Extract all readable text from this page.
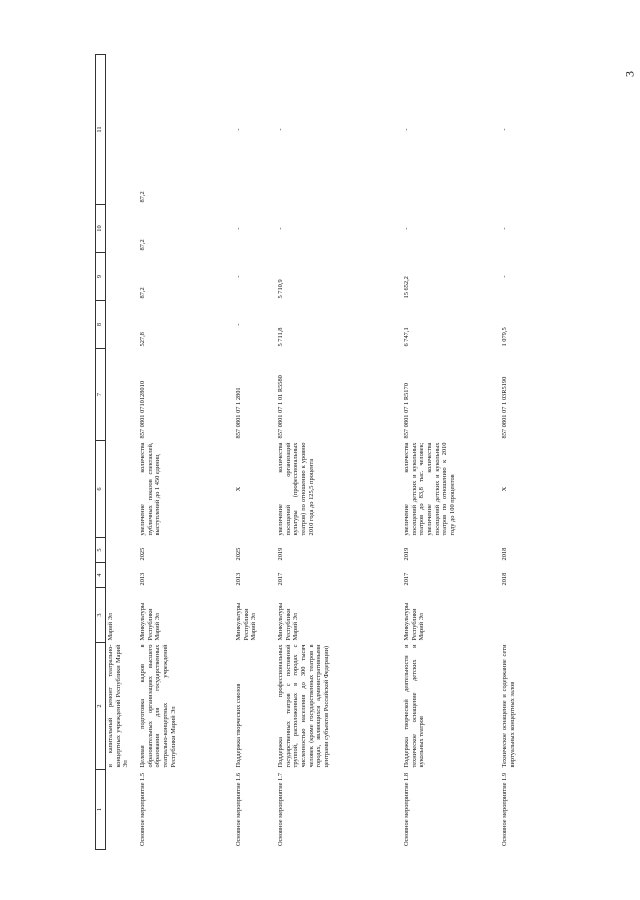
3
1	2	3	4	5	6	7	8	9	10	11
	и капитальный ремонт театрально-концертных учреждений Республики Марий Эл	Марий Эл								
Основное мероприятие 1.5	Целевая подготовка кадров в образовательных организациях высшего образования для государственных театрально-концертных учреждений Республики Марий Эл	Минкультуры Республики Марий Эл	2013	2025	увеличение количества публичных показов спектаклей, выступлений до 1 450 единиц	857 0801 0710128010	527,8	87,2	87,2	87,2
Основное мероприятие 1.6	Поддержка творческих союзов	Минкультуры Республики Марий Эл	2013	2025	X	857 0801 07 1 2801	-	-	-	-
Основное мероприятие 1.7	Поддержка профессиональных государственных театров с постоянной труппой, расположенных в городах с численностью населения до 300 тысяч человек (кроме государственных театров в городах, являющихся административными центрами субъектов Российской Федерации)	Минкультуры Республики Марий Эл	2017	2019	увеличение количества посещений организаций культуры (профессиональных театров) по отношению к уровню 2010 года до 125,5 процента	857 0801 07 1 01 R5580	5 711,8	5 710,9	-	-
Основное мероприятие 1.8	Поддержка творческой деятельности и техническое оснащение детских и кукольных театров	Минкультуры Республики Марий Эл	2017	2019	увеличение количества посещений детских и кукольных театров до 83,8 тыс. человек; увеличение количества посещений детских и кукольных театров по отношению к 2010 году до 100 процентов	857 0801 07 1 R5170	6 747,1	15 652,2	-	-
Основное мероприятие 1.9	Техническое оснащение и содержание сети виртуальных концертных залов		2018	2018	X	857 0801 07 1 03R5190	1 079,5	-	-	-
